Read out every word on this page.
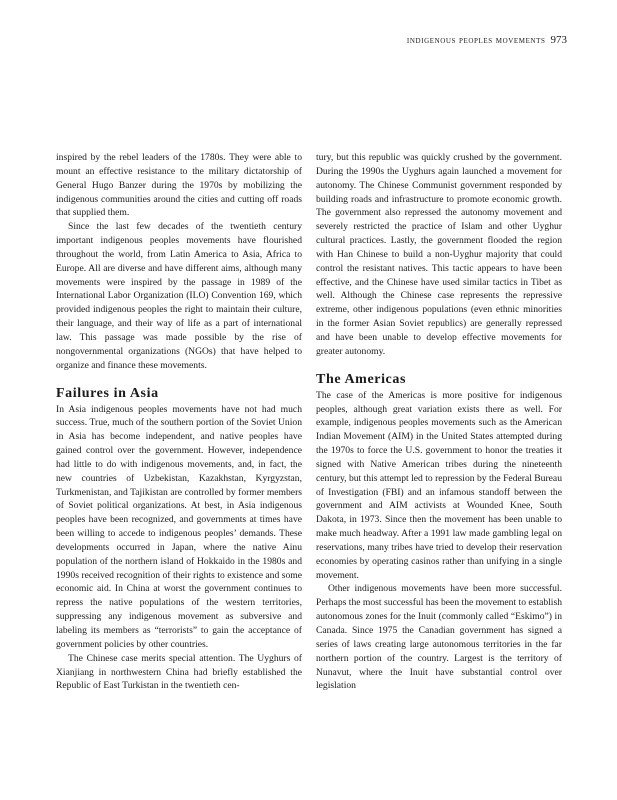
indigenous peoples movements 973

inspired by the rebel leaders of the 1780s. They were able to mount an effective resistance to the military dictatorship of General Hugo Banzer during the 1970s by mobilizing the indigenous communities around the cities and cutting off roads that supplied them.

Since the last few decades of the twentieth century important indigenous peoples movements have flourished throughout the world, from Latin America to Asia, Africa to Europe. All are diverse and have different aims, although many movements were inspired by the passage in 1989 of the International Labor Organization (ILO) Convention 169, which provided indigenous peoples the right to maintain their culture, their language, and their way of life as a part of international law. This passage was made possible by the rise of nongovernmental organizations (NGOs) that have helped to organize and finance these movements.

Failures in Asia

In Asia indigenous peoples movements have not had much success. True, much of the southern portion of the Soviet Union in Asia has become independent, and native peoples have gained control over the government. However, independence had little to do with indigenous movements, and, in fact, the new countries of Uzbekistan, Kazakhstan, Kyrgyzstan, Turkmenistan, and Tajikistan are controlled by former members of Soviet political organizations. At best, in Asia indigenous peoples have been recognized, and governments at times have been willing to accede to indigenous peoples’ demands. These developments occurred in Japan, where the native Ainu population of the northern island of Hokkaido in the 1980s and 1990s received recognition of their rights to existence and some economic aid. In China at worst the government continues to repress the native populations of the western territories, suppressing any indigenous movement as subversive and labeling its members as “terrorists” to gain the acceptance of government policies by other countries.

The Chinese case merits special attention. The Uyghurs of Xianjiang in northwestern China had briefly established the Republic of East Turkistan in the twentieth cen-

tury, but this republic was quickly crushed by the government. During the 1990s the Uyghurs again launched a movement for autonomy. The Chinese Communist government responded by building roads and infrastructure to promote economic growth. The government also repressed the autonomy movement and severely restricted the practice of Islam and other Uyghur cultural practices. Lastly, the government flooded the region with Han Chinese to build a non-Uyghur majority that could control the resistant natives. This tactic appears to have been effective, and the Chinese have used similar tactics in Tibet as well. Although the Chinese case represents the repressive extreme, other indigenous populations (even ethnic minorities in the former Asian Soviet republics) are generally repressed and have been unable to develop effective movements for greater autonomy.

The Americas

The case of the Americas is more positive for indigenous peoples, although great variation exists there as well. For example, indigenous peoples movements such as the American Indian Movement (AIM) in the United States attempted during the 1970s to force the U.S. government to honor the treaties it signed with Native American tribes during the nineteenth century, but this attempt led to repression by the Federal Bureau of Investigation (FBI) and an infamous standoff between the government and AIM activists at Wounded Knee, South Dakota, in 1973. Since then the movement has been unable to make much headway. After a 1991 law made gambling legal on reservations, many tribes have tried to develop their reservation economies by operating casinos rather than unifying in a single movement.

Other indigenous movements have been more successful. Perhaps the most successful has been the movement to establish autonomous zones for the Inuit (commonly called “Eskimo”) in Canada. Since 1975 the Canadian government has signed a series of laws creating large autonomous territories in the far northern portion of the country. Largest is the territory of Nunavut, where the Inuit have substantial control over legislation
